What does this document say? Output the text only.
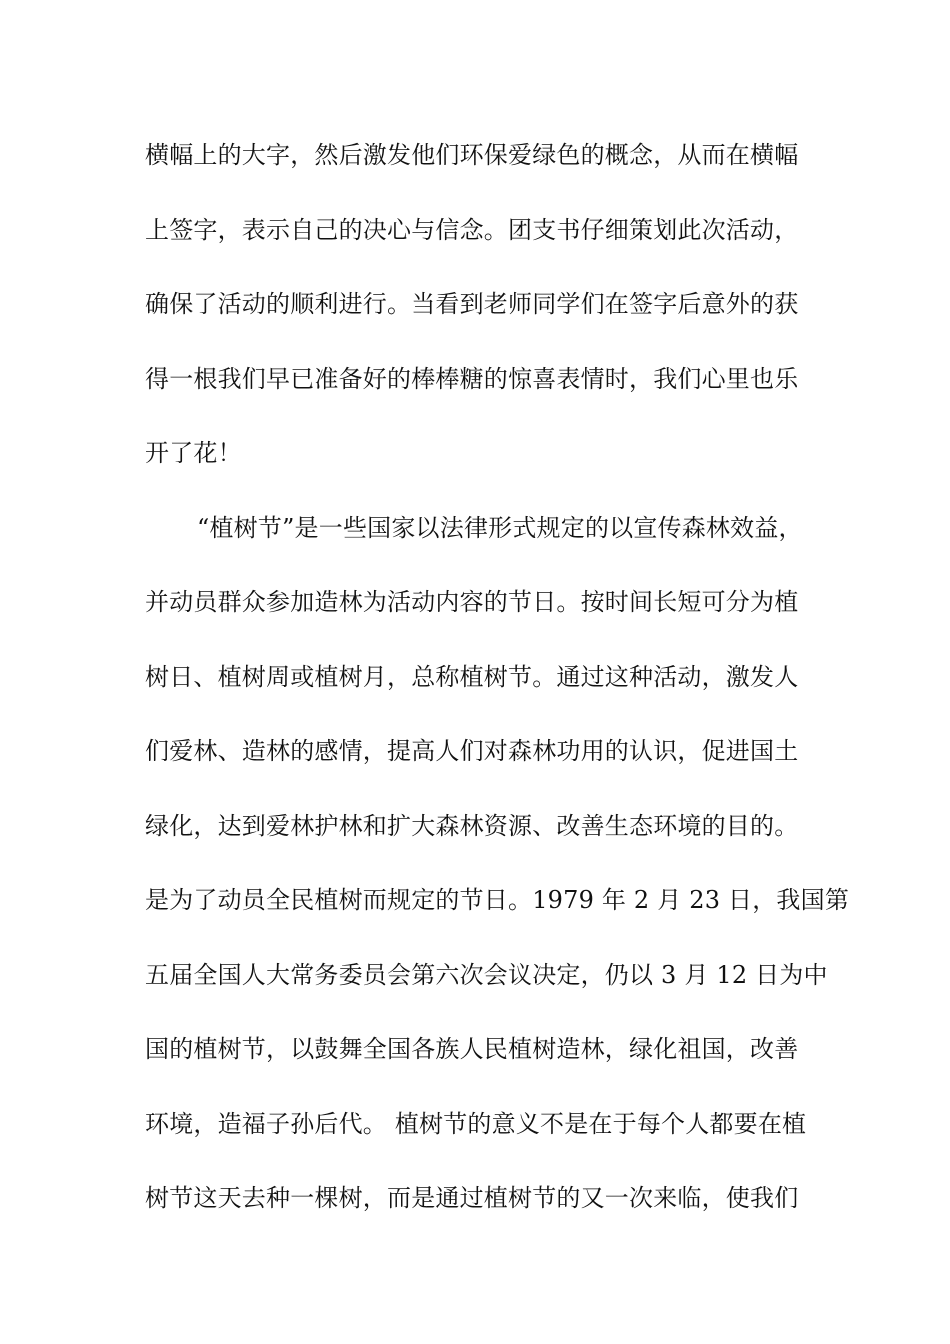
横幅上的大字，然后激发他们环保爱绿色的概念，从而在横幅
上签字，表示自己的决心与信念。团支书仔细策划此次活动，
确保了活动的顺利进行。当看到老师同学们在签字后意外的获
得一根我们早已准备好的棒棒糖的惊喜表情时，我们心里也乐
开了花！
“植树节”是一些国家以法律形式规定的以宣传森林效益，
并动员群众参加造林为活动内容的节日。按时间长短可分为植
树日、植树周或植树月，总称植树节。通过这种活动，激发人
们爱林、造林的感情，提高人们对森林功用的认识，促进国土
绿化，达到爱林护林和扩大森林资源、改善生态环境的目的。
是为了动员全民植树而规定的节日。1979 年 2 月 23 日，我国第
五届全国人大常务委员会第六次会议决定，仍以 3 月 12 日为中
国的植树节，以鼓舞全国各族人民植树造林，绿化祖国，改善
环境，造福子孙后代。 植树节的意义不是在于每个人都要在植
树节这天去种一棵树，而是通过植树节的又一次来临，使我们
